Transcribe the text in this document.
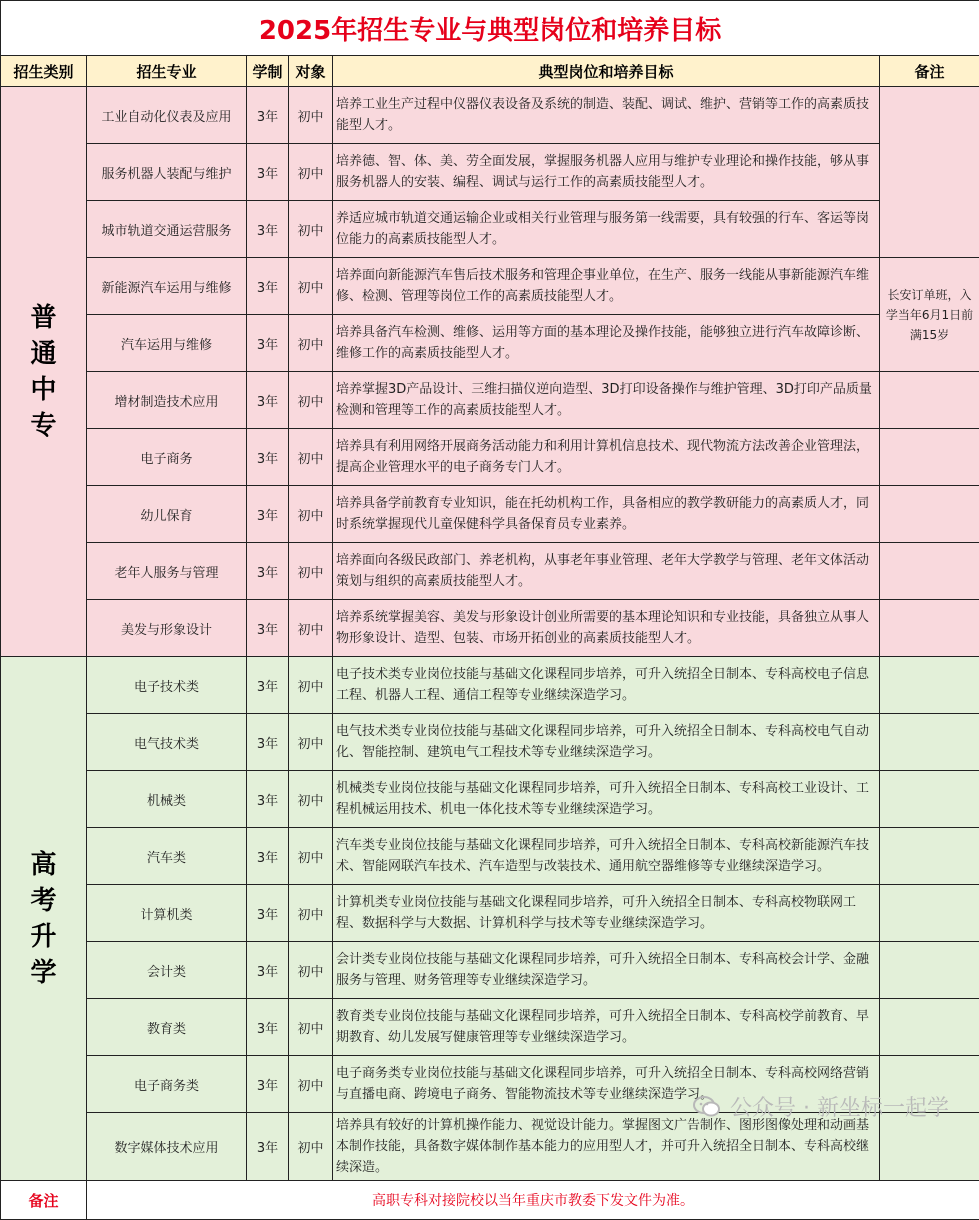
2025年招生专业与典型岗位和培养目标					
招生类别	招生专业	学制	对象	典型岗位和培养目标	备注

普
通
中
专	工业自动化仪表及应用	3年	初中	培养工业生产过程中仪器仪表设备及系统的制造、装配、调试、维护、营销等工作的高素质技能型人才。	
	服务机器人装配与维护	3年	初中	培养德、智、体、美、劳全面发展，掌握服务机器人应用与维护专业理论和操作技能，够从事服务机器人的安装、编程、调试与运行工作的高素质技能型人才。	
	城市轨道交通运营服务	3年	初中	养适应城市轨道交通运输企业或相关行业管理与服务第一线需要，具有较强的行车、客运等岗位能力的高素质技能型人才。	
	新能源汽车运用与维修	3年	初中	培养面向新能源汽车售后技术服务和管理企事业单位，在生产、服务一线能从事新能源汽车维修、检测、管理等岗位工作的高素质技能型人才。	长安订单班，入学当年6月1日前满15岁
	汽车运用与维修	3年	初中	培养具备汽车检测、维修、运用等方面的基本理论及操作技能，能够独立进行汽车故障诊断、维修工作的高素质技能型人才。	
	增材制造技术应用	3年	初中	培养掌握3D产品设计、三维扫描仪逆向造型、3D打印设备操作与维护管理、3D打印产品质量检测和管理等工作的高素质技能型人才。	
	电子商务	3年	初中	培养具有利用网络开展商务活动能力和利用计算机信息技术、现代物流方法改善企业管理法，提高企业管理水平的电子商务专门人才。	
	幼儿保育	3年	初中	培养具备学前教育专业知识，能在托幼机构工作，具备相应的教学教研能力的高素质人才，同时系统掌握现代儿童保健科学具备保育员专业素养。	
	老年人服务与管理	3年	初中	培养面向各级民政部门、养老机构，从事老年事业管理、老年大学教学与管理、老年文体活动策划与组织的高素质技能型人才。	
	美发与形象设计	3年	初中	培养系统掌握美容、美发与形象设计创业所需要的基本理论知识和专业技能，具备独立从事人物形象设计、造型、包装、市场开拓创业的高素质技能型人才。	

高
考
升
学	电子技术类	3年	初中	电子技术类专业岗位技能与基础文化课程同步培养，可升入统招全日制本、专科高校电子信息工程、机器人工程、通信工程等专业继续深造学习。	
	电气技术类	3年	初中	电气技术类专业岗位技能与基础文化课程同步培养，可升入统招全日制本、专科高校电气自动化、智能控制、建筑电气工程技术等专业继续深造学习。	
	机械类	3年	初中	机械类专业岗位技能与基础文化课程同步培养，可升入统招全日制本、专科高校工业设计、工程机械运用技术、机电一体化技术等专业继续深造学习。	
	汽车类	3年	初中	汽车类专业岗位技能与基础文化课程同步培养，可升入统招全日制本、专科高校新能源汽车技术、智能网联汽车技术、汽车造型与改装技术、通用航空器维修等专业继续深造学习。	
	计算机类	3年	初中	计算机类专业岗位技能与基础文化课程同步培养，可升入统招全日制本、专科高校物联网工程、数据科学与大数据、计算机科学与技术等专业继续深造学习。	
	会计类	3年	初中	会计类专业岗位技能与基础文化课程同步培养，可升入统招全日制本、专科高校会计学、金融服务与管理、财务管理等专业继续深造学习。	
	教育类	3年	初中	教育类专业岗位技能与基础文化课程同步培养，可升入统招全日制本、专科高校学前教育、早期教育、幼儿发展写健康管理等专业继续深造学习。	
	电子商务类	3年	初中	电子商务类专业岗位技能与基础文化课程同步培养，可升入统招全日制本、专科高校网络营销与直播电商、跨境电子商务、智能物流技术等专业继续深造学习。	
	数字媒体技术应用	3年	初中	培养具有较好的计算机操作能力、视觉设计能力。掌握图文广告制作、图形图像处理和动画基本制作技能，具备数字媒体制作基本能力的应用型人才，并可升入统招全日制本、专科高校继续深造。	
备注	高职专科对接院校以当年重庆市教委下发文件为准。				
公众号 · 新坐标一起学
